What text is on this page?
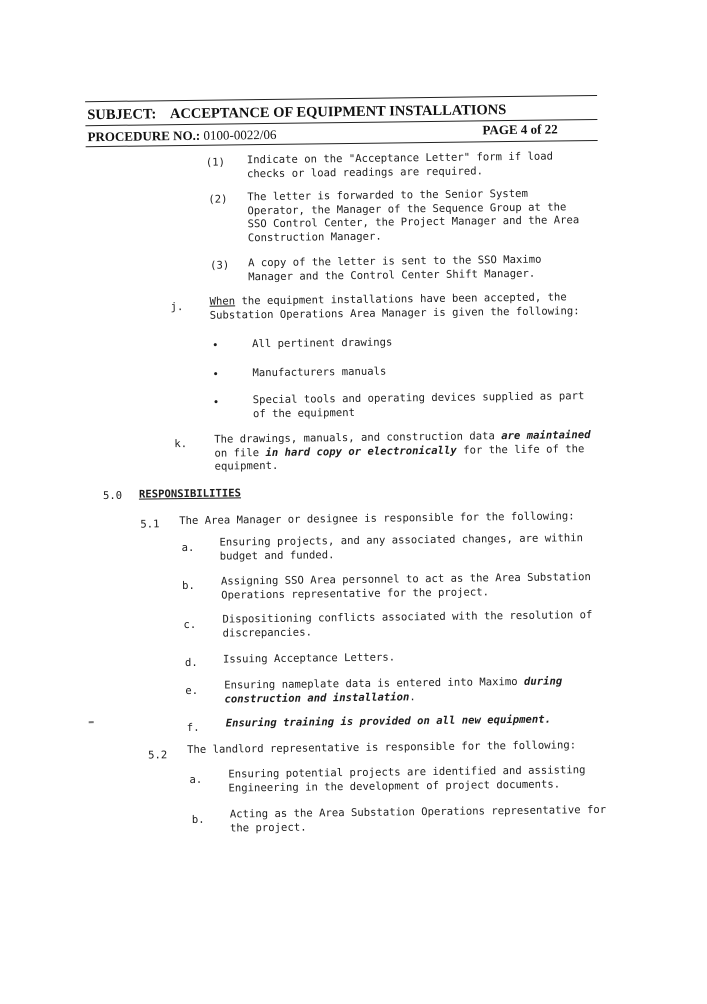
SUBJECT: ACCEPTANCE OF EQUIPMENT INSTALLATIONS
PROCEDURE NO.: 0100-0022/06	PAGE 4 of 22
(1) Indicate on the "Acceptance Letter" form if load
checks or load readings are required.
(2) The letter is forwarded to the Senior System
Operator, the Manager of the Sequence Group at the
SSO Control Center, the Project Manager and the Area
Construction Manager.
(3) A copy of the letter is sent to the SSO Maximo
Manager and the Control Center Shift Manager.
j. When the equipment installations have been accepted, the
Substation Operations Area Manager is given the following:
•	All pertinent drawings
•	Manufacturers manuals
•	Special tools and operating devices supplied as part
of the equipment
k.	The drawings, manuals, and construction data are maintained
on file in hard copy or electronically for the life of the
equipment.
5.0 RESPONSIBILITIES
5.1 The Area Manager or designee is responsible for the following:
a. Ensuring projects, and any associated changes, are within
budget and funded.
b. Assigning SSO Area personnel to act as the Area Substation
Operations representative for the project.
c. Dispositioning conflicts associated with the resolution of
discrepancies.
d. Issuing Acceptance Letters.
e. Ensuring nameplate data is entered into Maximo during
construction and installation.
f. Ensuring training is provided on all new equipment.
5.2 The landlord representative is responsible for the following:
a. Ensuring potential projects are identified and assisting
Engineering in the development of project documents.
b. Acting as the Area Substation Operations representative for
the project.
